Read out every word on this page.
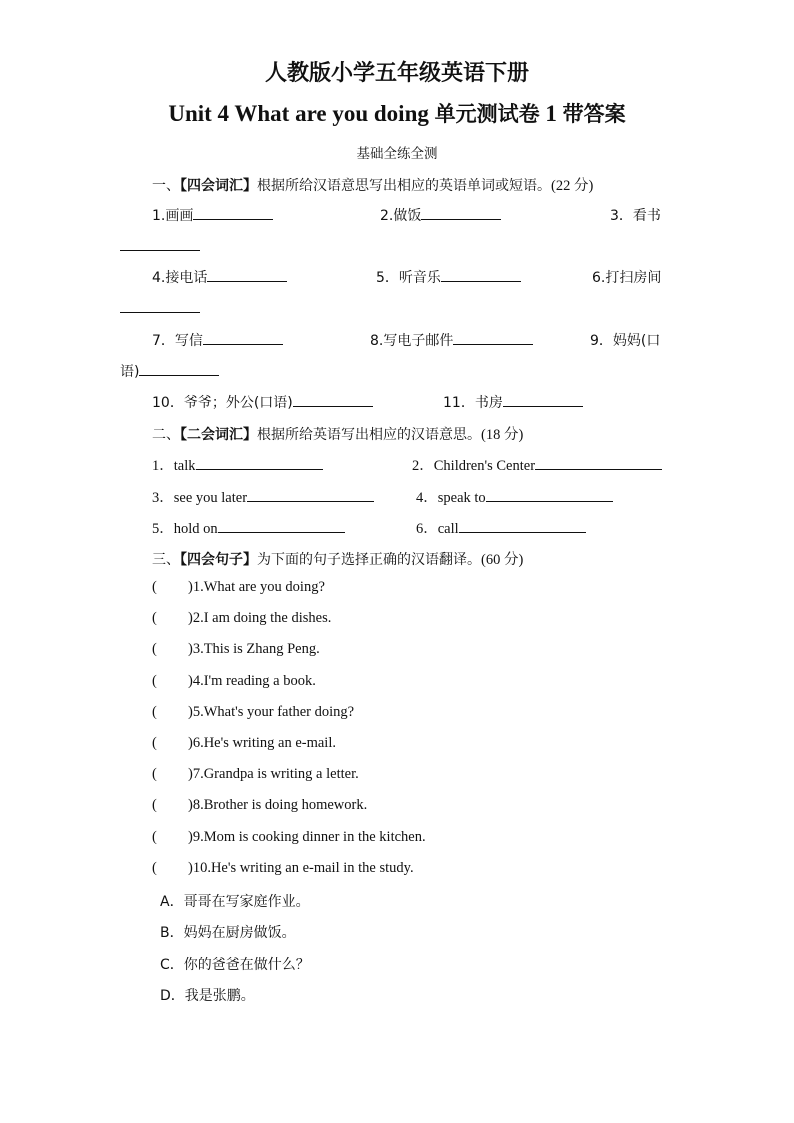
人教版小学五年级英语下册
Unit 4 What are you doing 单元测试卷 1 带答案
基础全练全测
一、【四会词汇】根据所给汉语意思写出相应的英语单词或短语。(22 分)
1.画画	2.做饭	3．看书
4.接电话	5．听音乐	6.打扫房间
7．写信	8.写电子邮件	9．妈妈(口
语)
10．爷爷；外公(口语)	11．书房
二、【二会词汇】根据所给英语写出相应的汉语意思。(18 分)
1．talk	2．Children's Center
3．see you later	4．speak to
5．hold on	6．call
三、【四会句子】为下面的句子选择正确的汉语翻译。(60 分)
( )1.What are you doing?
( )2.I am doing the dishes.
( )3.This is Zhang Peng.
( )4.I'm reading a book.
( )5.What's your father doing?
( )6.He's writing an e-mail.
( )7.Grandpa is writing a letter.
( )8.Brother is doing homework.
( )9.Mom is cooking dinner in the kitchen.
( )10.He's writing an e-mail in the study.
A．哥哥在写家庭作业。
B．妈妈在厨房做饭。
C．你的爸爸在做什么？
D．我是张鹏。
